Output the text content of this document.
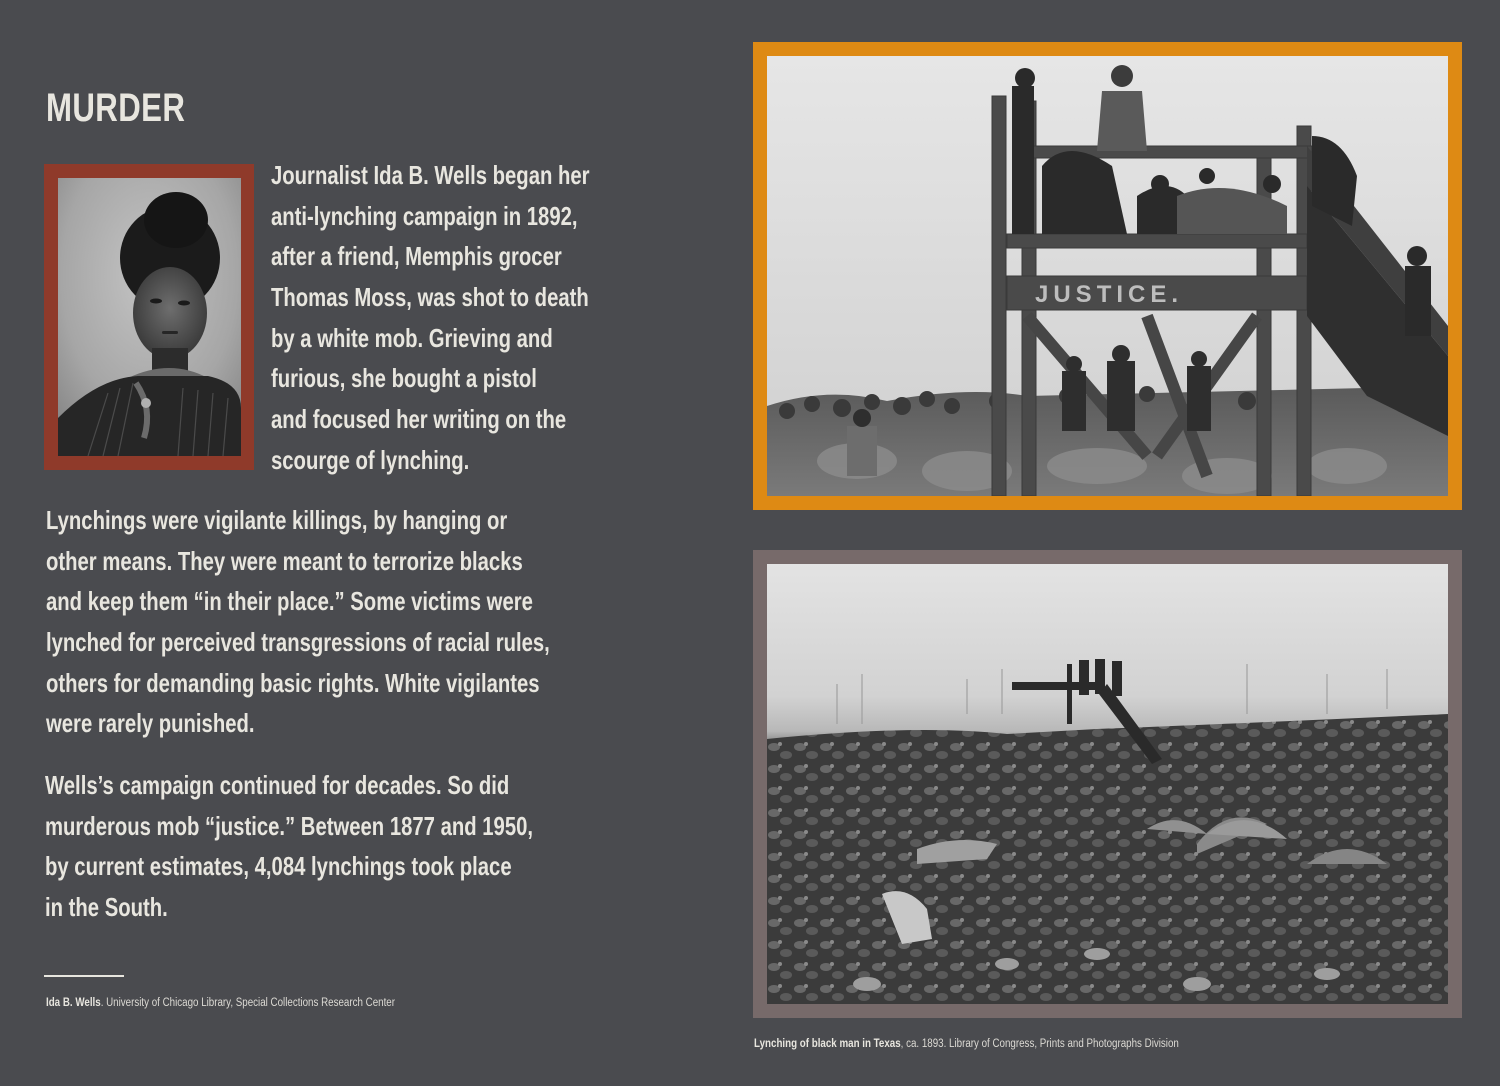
MURDER
Journalist Ida B. Wells began her
anti-lynching campaign in 1892,
after a friend, Memphis grocer
Thomas Moss, was shot to death
by a white mob. Grieving and
furious, she bought a pistol
and focused her writing on the
scourge of lynching.
Lynchings were vigilante killings, by hanging or
other means. They were meant to terrorize blacks
and keep them “in their place.” Some victims were
lynched for perceived transgressions of racial rules,
others for demanding basic rights. White vigilantes
were rarely punished.
Wells’s campaign continued for decades. So did
murderous mob “justice.” Between 1877 and 1950,
by current estimates, 4,084 lynchings took place
in the South.
Ida B. Wells. University of Chicago Library, Special Collections Research Center
JUSTICE.
Lynching of black man in Texas, ca. 1893. Library of Congress, Prints and Photographs Division
